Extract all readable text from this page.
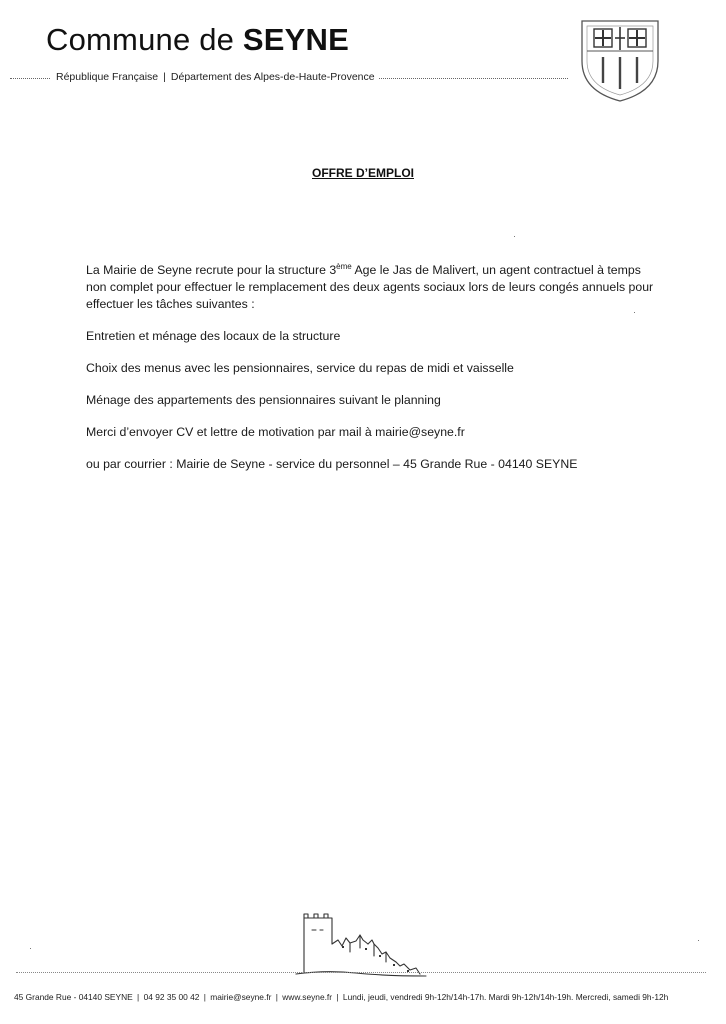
Commune de SEYNE
République Française | Département des Alpes-de-Haute-Provence
OFFRE D’EMPLOI

La Mairie de Seyne recrute pour la structure 3ème Age le Jas de Malivert, un agent contractuel à temps non complet pour effectuer le remplacement des deux agents sociaux lors de leurs congés annuels pour effectuer les tâches suivantes :

Entretien et ménage des locaux de la structure

Choix des menus avec les pensionnaires, service du repas de midi et vaisselle

Ménage des appartements des pensionnaires suivant le planning

Merci d’envoyer CV et lettre de motivation par mail à mairie@seyne.fr

ou par courrier : Mairie de Seyne - service du personnel – 45 Grande Rue - 04140 SEYNE

45 Grande Rue - 04140 SEYNE | 04 92 35 00 42 | mairie@seyne.fr | www.seyne.fr | Lundi, jeudi, vendredi 9h-12h/14h-17h. Mardi 9h-12h/14h-19h. Mercredi, samedi 9h-12h
